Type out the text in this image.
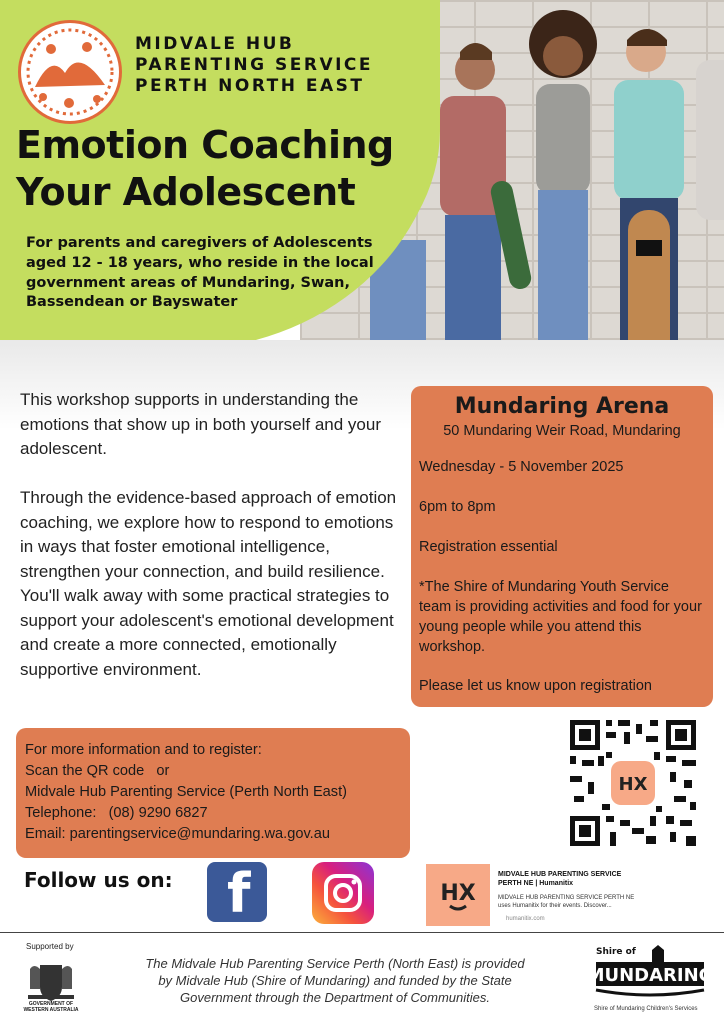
MIDVALE HUB
PARENTING SERVICE
PERTH NORTH EAST
Emotion Coaching
Your Adolescent
For parents and caregivers of Adolescents aged 12 - 18 years, who reside in the local government areas of Mundaring, Swan, Bassendean or Bayswater

This workshop supports in understanding the emotions that show up in both yourself and your adolescent.

Through the evidence-based approach of emotion coaching, we explore how to respond to emotions in ways that foster emotional intelligence, strengthen your connection, and build resilience.

You'll walk away with some practical strategies to support your adolescent's emotional development and create a more connected, emotionally supportive environment.

Mundaring Arena
50 Mundaring Weir Road, Mundaring
Wednesday - 5 November 2025
6pm to 8pm
Registration essential
*The Shire of Mundaring Youth Service team is providing activities and food for your young people while you attend this workshop.
Please let us know upon registration
For more information and to register:
Scan the QR code   or
Midvale Hub Parenting Service (Perth North East)
Telephone:   (08) 9290 6827
Email: parentingservice@mundaring.wa.gov.au
HX
Follow us on: f	HX
MIDVALE HUB PARENTING SERVICE PERTH NE | Humanitix
MIDVALE HUB PARENTING SERVICE PERTH NE uses Humanitix for their events. Discover...
humanitix.com
Supported by
GOVERNMENT OF WESTERN AUSTRALIA
The Midvale Hub Parenting Service Perth (North East) is provided by Midvale Hub (Shire of Mundaring) and funded by the State Government through the Department of Communities.
Shire of
MUNDARING
Shire of Mundaring Children's Services
